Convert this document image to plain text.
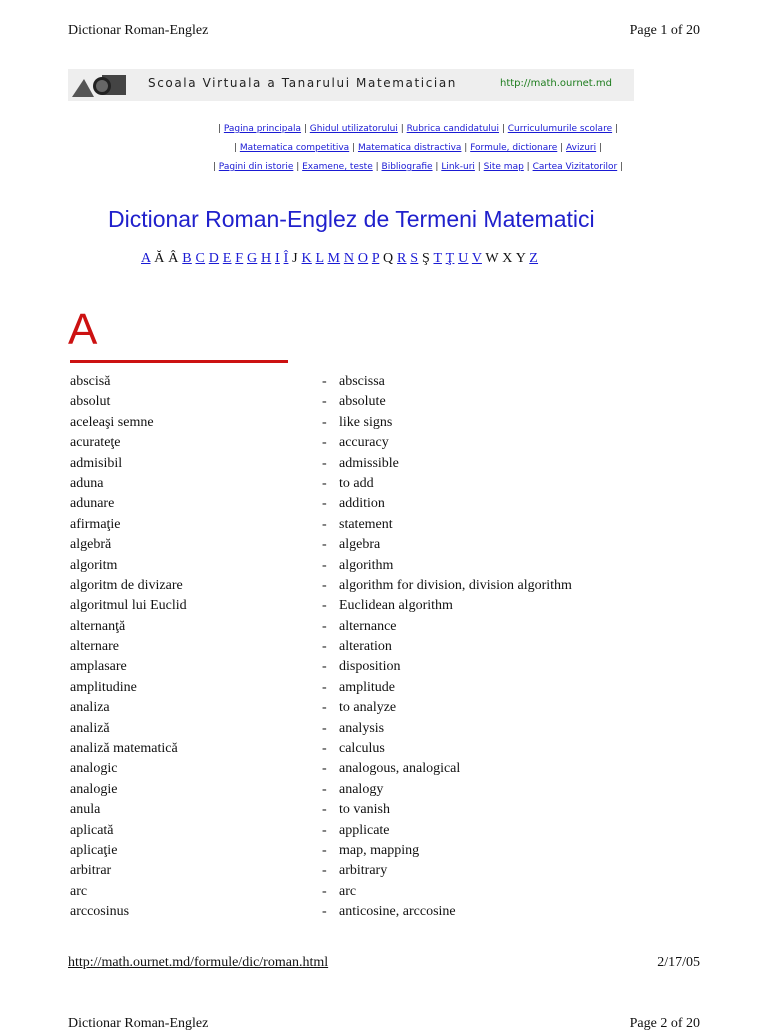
Dictionar Roman-Englez	Page 1 of 20
Scoala Virtuala a Tanarului Matematician	http://math.ournet.md
| Pagina principala | Ghidul utilizatorului | Rubrica candidatului | Curriculumurile scolare |
| Matematica competitiva | Matematica distractiva | Formule, dictionare | Avizuri |
| Pagini din istorie | Examene, teste | Bibliografie | Link-uri | Site map | Cartea Vizitatorilor |
Dictionar Roman-Englez de Termeni Matematici
A Ă Â B C D E F G H I Î J K L M N O P Q R S Ş T Ţ U V W X Y Z
A
abscisă	- abscissa
absolut	- absolute
aceleaşi semne	- like signs
acurateţe	- accuracy
admisibil	- admissible
aduna	- to add
adunare	- addition
afirmaţie	- statement
algebră	- algebra
algoritm	- algorithm
algoritm de divizare	- algorithm for division, division algorithm
algoritmul lui Euclid	- Euclidean algorithm
alternanţă	- alternance
alternare	- alteration
amplasare	- disposition
amplitudine	- amplitude
analiza	- to analyze
analiză	- analysis
analiză matematică	- calculus
analogic	- analogous, analogical
analogie	- analogy
anula	- to vanish
aplicată	- applicate
aplicaţie	- map, mapping
arbitrar	- arbitrary
arc	- arc
arccosinus	- anticosine, arccosine
http://math.ournet.md/formule/dic/roman.html	2/17/05
Dictionar Roman-Englez	Page 2 of 20
